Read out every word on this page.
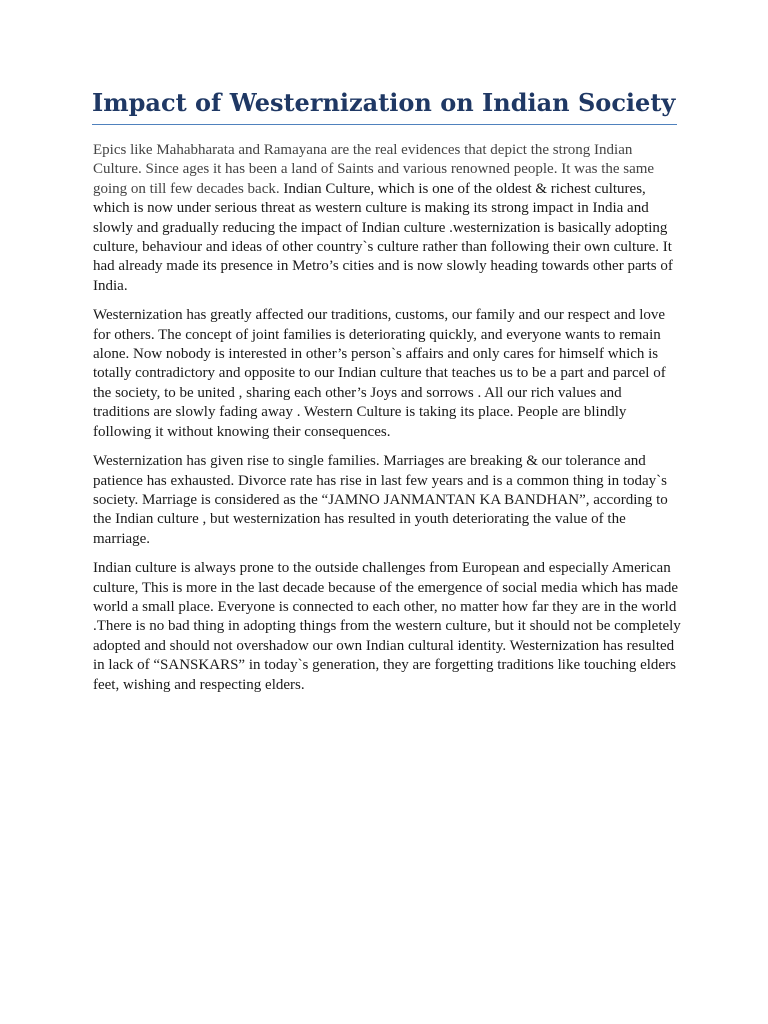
Impact of Westernization on Indian Society

Epics like Mahabharata and Ramayana are the real evidences that depict the strong Indian Culture. Since ages it has been a land of Saints and various renowned people. It was the same going on till few decades back. Indian Culture, which is one of the oldest & richest cultures, which is now under serious threat as western culture is making its strong impact in India and slowly and gradually reducing the impact of Indian culture .westernization is basically adopting culture, behaviour and ideas of other country`s culture rather than following their own culture. It had already made its presence in Metro’s cities and is now slowly heading towards other parts of India.

Westernization has greatly affected our traditions, customs, our family and our respect and love for others. The concept of joint families is deteriorating quickly, and everyone wants to remain alone. Now nobody is interested in other’s person`s affairs and only cares for himself which is totally contradictory and opposite to our Indian culture that teaches us to be a part and parcel of the society, to be united , sharing each other’s Joys and sorrows . All our rich values and traditions are slowly fading away . Western Culture is taking its place. People are blindly following it without knowing their consequences.

Westernization has given rise to single families. Marriages are breaking & our tolerance and patience has exhausted. Divorce rate has rise in last few years and is a common thing in today`s society. Marriage is considered as the “JAMNO JANMANTAN KA BANDHAN”, according to the Indian culture , but westernization has resulted in youth deteriorating the value of the marriage.

Indian culture is always prone to the outside challenges from European and especially American culture, This is more in the last decade because of the emergence of social media which has made world a small place. Everyone is connected to each other, no matter how far they are in the world .There is no bad thing in adopting things from the western culture, but it should not be completely adopted and should not overshadow our own Indian cultural identity. Westernization has resulted in lack of “SANSKARS” in today`s generation, they are forgetting traditions like touching elders feet, wishing and respecting elders.
